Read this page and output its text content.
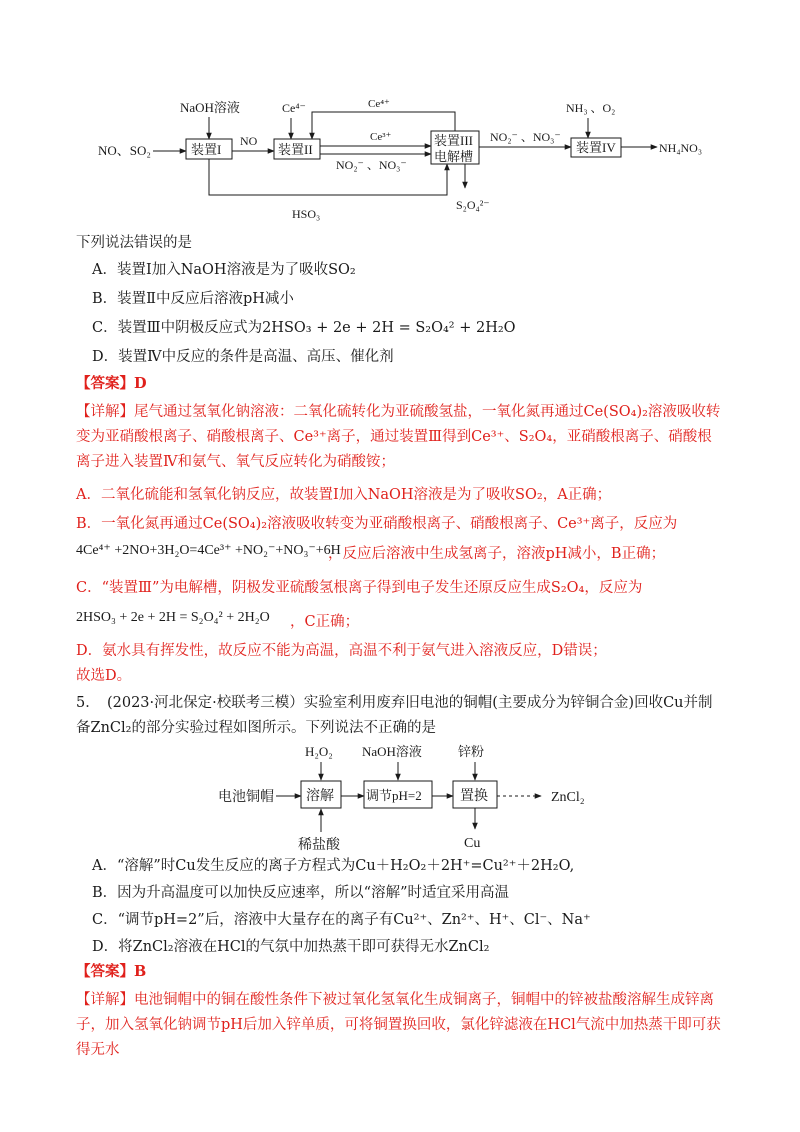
NO、SO₂
NaOH溶液
装置I
NO
Ce⁴⁻
装置II
Ce⁴⁺
Ce³⁺
NO₂⁻ 、NO₃⁻
装置III
电解槽
NO₂⁻ 、NO₃⁻
NH₃ 、O₂
装置IV	NH₄NO₃
S₂O₄²⁻
HSO₃

下列说法错误的是

A．装置Ⅰ加入NaOH溶液是为了吸收SO₂

B．装置Ⅱ中反应后溶液pH减小

C．装置Ⅲ中阴极反应式为2HSO₃ + 2e + 2H = S₂O₄² + 2H₂O

D．装置Ⅳ中反应的条件是高温、高压、催化剂

【答案】D

【详解】尾气通过氢氧化钠溶液：二氧化硫转化为亚硫酸氢盐，一氧化氮再通过Ce(SO₄)₂溶液吸收转变为亚硝酸根离子、硝酸根离子、Ce³⁺离子，通过装置Ⅲ得到Ce³⁺、S₂O₄，亚硝酸根离子、硝酸根离子进入装置Ⅳ和氨气、氧气反应转化为硝酸铵；

A．二氧化硫能和氢氧化钠反应，故装置Ⅰ加入NaOH溶液是为了吸收SO₂，A正确；

B．一氧化氮再通过Ce(SO₄)₂溶液吸收转变为亚硝酸根离子、硝酸根离子、Ce³⁺离子，反应为

4Ce⁴⁺ +2NO+3H₂O=4Ce³⁺ +NO₂⁻+NO₃⁻+6H
，反应后溶液中生成氢离子，溶液pH减小，B正确；

C．“装置Ⅲ”为电解槽，阴极发亚硫酸氢根离子得到电子发生还原反应生成S₂O₄，反应为

2HSO₃ + 2e + 2H = S₂O₄² + 2H₂O ，C正确；

D．氨水具有挥发性，故反应不能为高温，高温不利于氨气进入溶液反应，D错误；

故选D。

5．　(2023·河北保定·校联考三模）实验室利用废弃旧电池的铜帽(主要成分为锌铜合金)回收Cu并制备ZnCl₂的部分实验过程如图所示。下列说法不正确的是

H₂O₂ NaOH溶液	锌粉
电池铜帽 溶解 调节pH=2	置换	ZnCl₂
稀盐酸	Cu

A．“溶解”时Cu发生反应的离子方程式为Cu＋H₂O₂＋2H⁺=Cu²⁺＋2H₂O,

B．因为升高温度可以加快反应速率，所以“溶解”时适宜采用高温

C．“调节pH=2”后，溶液中大量存在的离子有Cu²⁺、Zn²⁺、H⁺、Cl⁻、Na⁺

D．将ZnCl₂溶液在HCl的气氛中加热蒸干即可获得无水ZnCl₂

【答案】B

【详解】电池铜帽中的铜在酸性条件下被过氧化氢氧化生成铜离子，铜帽中的锌被盐酸溶解生成锌离子，加入氢氧化钠调节pH后加入锌单质，可将铜置换回收，氯化锌滤液在HCl气流中加热蒸干即可获得无水
